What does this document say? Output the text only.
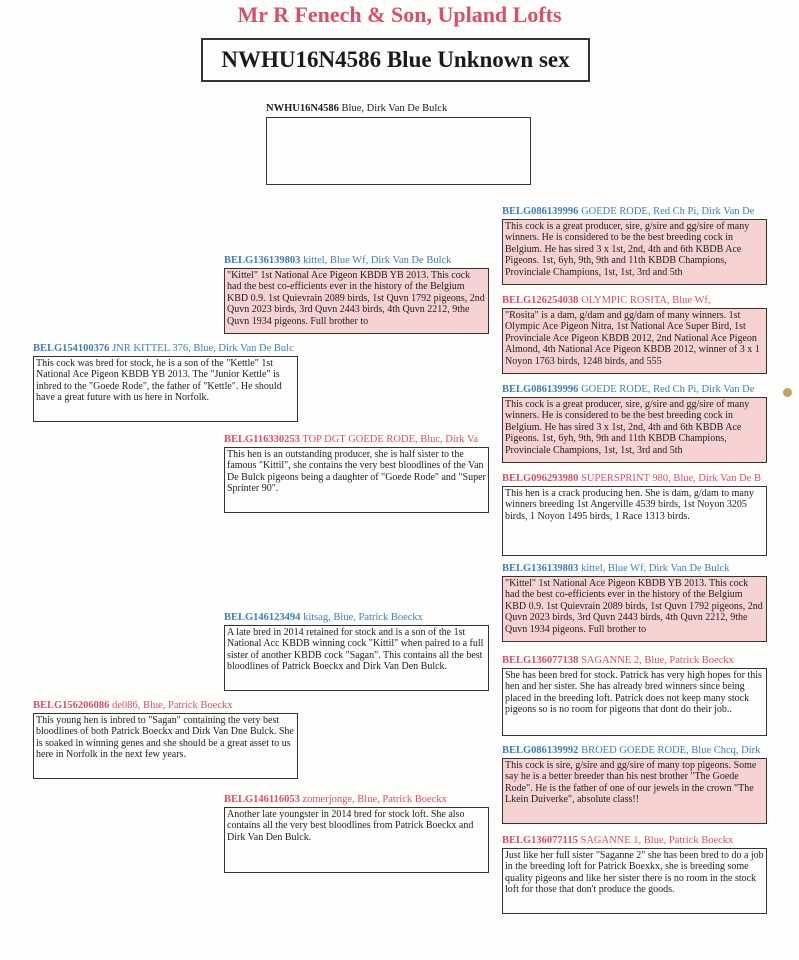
Mr R Fenech & Son, Upland Lofts
NWHU16N4586 Blue Unknown sex
NWHU16N4586 Blue, Dirk Van De Bulck
BELG154100376 JNR KITTEL 376, Blue, Dirk Van De Bulc
This cock was bred for stock, he is a son of the "Kettle" 1st National Ace Pigeon KBDB YB 2013. The "Junior Kettle" is inbred to the "Goede Rode", the father of "Kettle". He should have a great future with us here in Norfolk.
BELG136139803 kittel, Blue Wf, Dirk Van De Bulck
"Kittel" 1st National Ace Pigeon KBDB YB 2013. This cock had the best co-efficients ever in the history of the Belgium KBD 0.9. 1st Quievrain 2089 birds, 1st Quvn 1792 pigeons, 2nd Quvn 2023 birds, 3rd Quvn 2443 birds, 4th Quvn 2212, 9the Quvn 1934 pigeons. Full brother to
BELG116330253 TOP DGT GOEDE RODE, Bluc, Dirk Va
This hen is an outstanding producer, she is half sister to the famous "Kittil", she contains the very best bloodlines of the Van De Bulck pigeons being a daughter of "Goede Rode" and "Super Sprinter 90".
BELG086139996 GOEDE RODE, Red Ch Pi, Dirk Van De
This cock is a great producer, sire, g/sire and gg/sire of many winners. He is considered to be the best breeding cock in Belgium. He has sired 3 x 1st, 2nd, 4th and 6th KBDB Ace Pigeons. 1st, 6yh, 9th, 9th and 11th KBDB Champions, Provinciale Champions, 1st, 1st, 3rd and 5th
BELG126254038 OLYMPIC ROSITA, Blue Wf,
"Rosita" is a dam, g/dam and gg/dam of many winners. 1st Olympic Ace Pigeon Nitra, 1st National Ace Super Bird, 1st Provinciale Ace Pigeon KBDB 2012, 2nd National Ace Pigeon Almond, 4th National Ace Pigeon KBDB 2012, winner of 3 x 1 Noyon 1763 birds, 1248 birds, and 555
BELG086139996 GOEDE RODE, Red Ch Pi, Dirk Van De
This cock is a great producer, sire, g/sire and gg/sire of many winners. He is considered to be the best breeding cock in Belgium. He has sired 3 x 1st, 2nd, 4th and 6th KBDB Ace Pigeons. 1st, 6yh, 9th, 9th and 11th KBDB Champions, Provinciale Champions, 1st, 1st, 3rd and 5th
BELG096293980 SUPERSPRINT 980, Blue, Dirk Van De B
This hen is a crack producing hen. She is dam, g/dam to many winners breeding 1st Angerville 4539 birds, 1st Noyon 3205 birds, 1 Noyon 1495 birds, 1 Race 1313 birds.
BELG156206086 de086, Blue, Patrick Boeckx
This young hen is inbred to "Sagan" containing the very best bloodlines of both Patrick Boeckx and Dirk Van Dne Bulck. She is soaked in winning genes and she should be a great asset to us here in Norfolk in the next few years.
BELG146123494 kitsag, Blue, Patrick Boeckx
A late bred in 2014 retained for stock and is a son of the 1st National Acc KBDB winning cock "Kittil" when paired to a full sister of another KBDB cock "Sagan". This contains all the best bloodlines of Patrick Boeckx and Dirk Van Den Bulck.
BELG136139803 kittel, Blue Wf, Dirk Van De Bulck
"Kittel" 1st National Ace Pigeon KBDB YB 2013. This cock had the best co-efficients ever in the history of the Belgium KBD 0.9. 1st Quievrain 2089 birds, 1st Quvn 1792 pigeons, 2nd Quvn 2023 birds, 3rd Quvn 2443 birds, 4th Quvn 2212, 9the Quvn 1934 pigeons. Full brother to
BELG136077138 SAGANNE 2, Blue, Patrick Boeckx
She has been bred for stock. Patrick has very high hopes for this hen and her sister. She has already bred winners since being placed in the breeding loft. Patrick does not keep many stock pigeons so is no room for pigeons that dont do their job..
BELG146116053 zomerjonge, Blue, Patrick Boeckx
Another late youngster in 2014 bred for stock loft. She also contains all the very best bloodlines from Patrick Boeckx and Dirk Van Den Bulck.
BELG086139992 BROED GOEDE RODE, Blue Chcq, Dirk
This cock is sire, g/sire and gg/sire of many top pigeons. Some say he is a better breeder than his nest brother "The Goede Rode". He is the father of one of our jewels in the crown "The Lkein Duiverke", absolute class!!
BELG136077115 SAGANNE 1, Blue, Patrick Boeckx
Just like her full sister "Saganne 2" she has been bred to do a job in the breeding loft for Patrick Boexkx, she is breeding some quality pigeons and like her sister there is no room in the stock loft for those that don't produce the goods.
